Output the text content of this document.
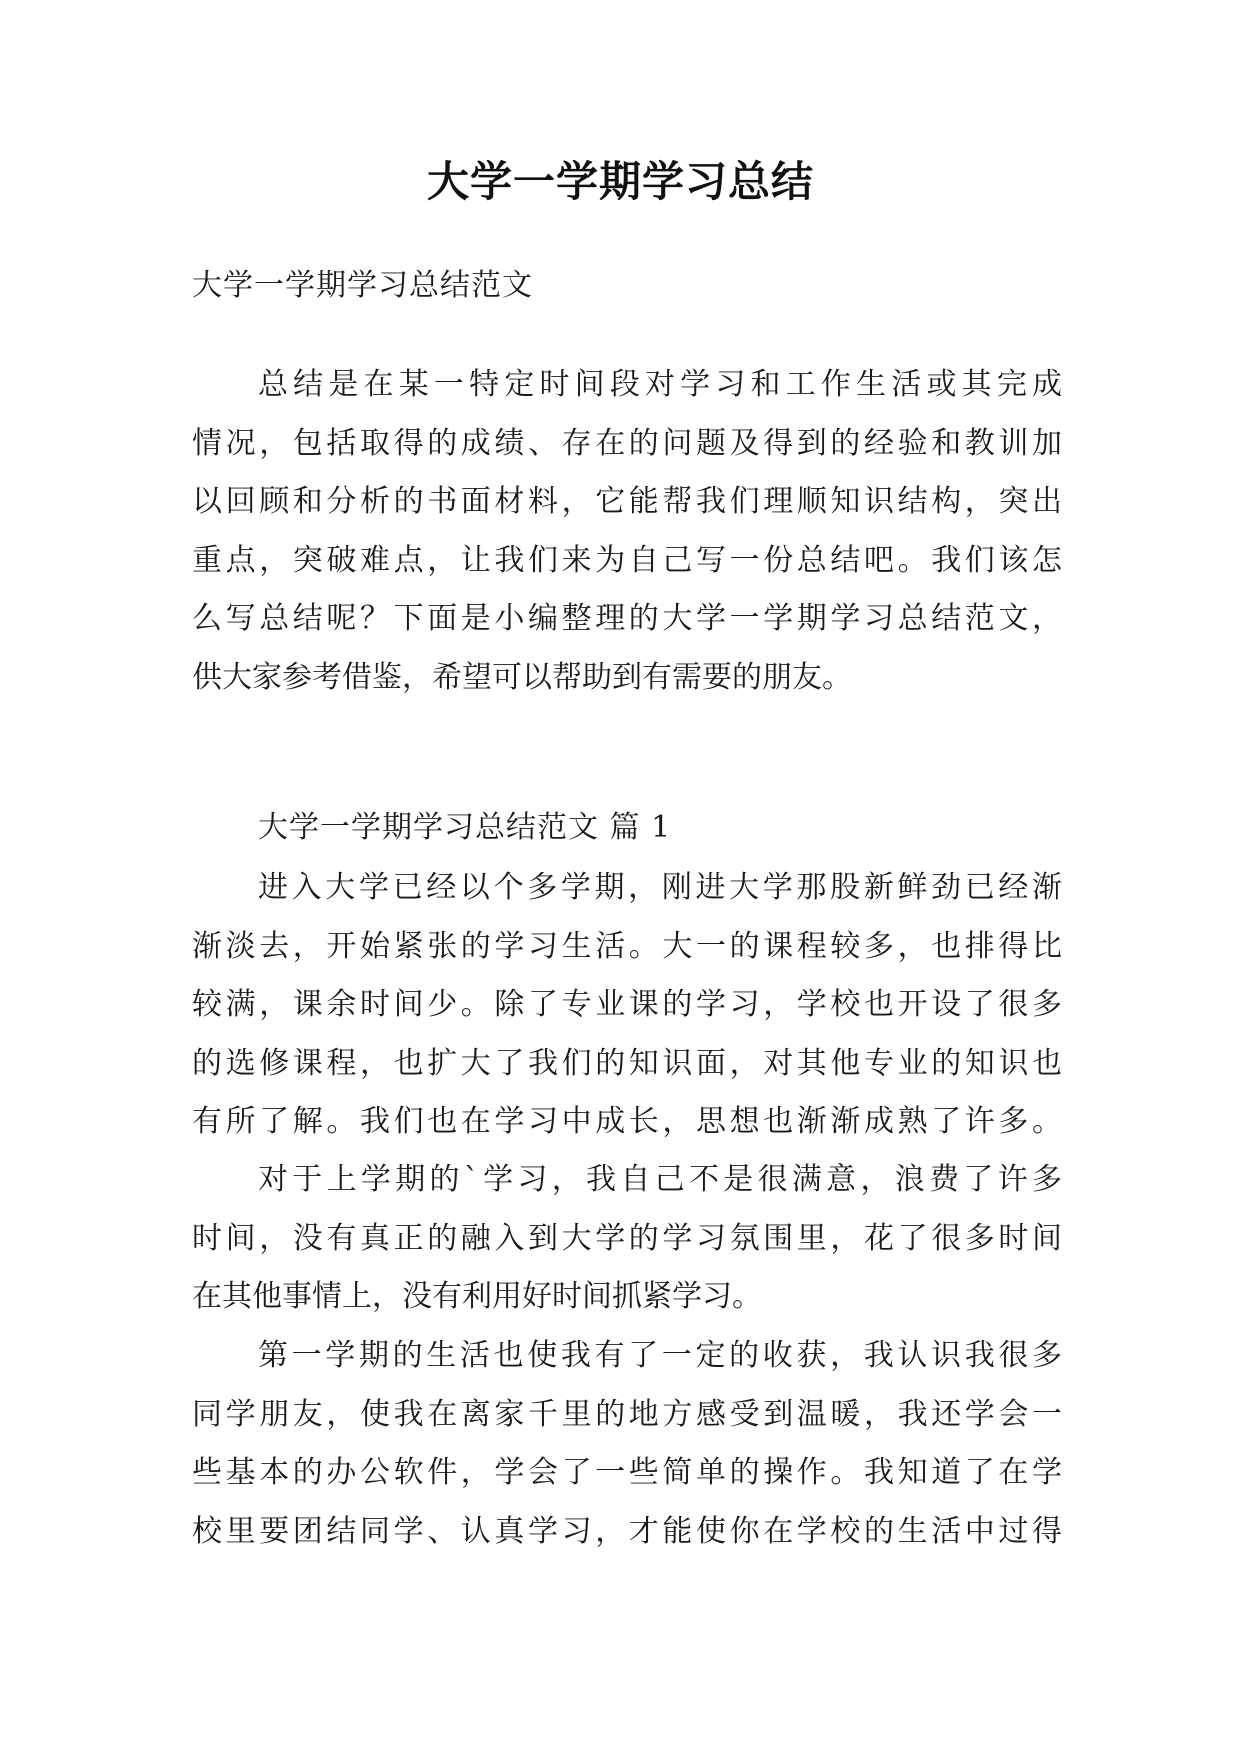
大学一学期学习总结
大学一学期学习总结范文
总结是在某一特定时间段对学习和工作生活或其完成
情况，包括取得的成绩、存在的问题及得到的经验和教训加
以回顾和分析的书面材料，它能帮我们理顺知识结构，突出
重点，突破难点，让我们来为自己写一份总结吧。我们该怎
么写总结呢？下面是小编整理的大学一学期学习总结范文，
供大家参考借鉴，希望可以帮助到有需要的朋友。
大学一学期学习总结范文 篇 1
进入大学已经以个多学期，刚进大学那股新鲜劲已经渐
渐淡去，开始紧张的学习生活。大一的课程较多，也排得比
较满，课余时间少。除了专业课的学习，学校也开设了很多
的选修课程，也扩大了我们的知识面，对其他专业的知识也
有所了解。我们也在学习中成长，思想也渐渐成熟了许多。
对于上学期的`学习，我自己不是很满意，浪费了许多
时间，没有真正的融入到大学的学习氛围里，花了很多时间
在其他事情上，没有利用好时间抓紧学习。
第一学期的生活也使我有了一定的收获，我认识我很多
同学朋友，使我在离家千里的地方感受到温暖，我还学会一
些基本的办公软件，学会了一些简单的操作。我知道了在学
校里要团结同学、认真学习，才能使你在学校的生活中过得
